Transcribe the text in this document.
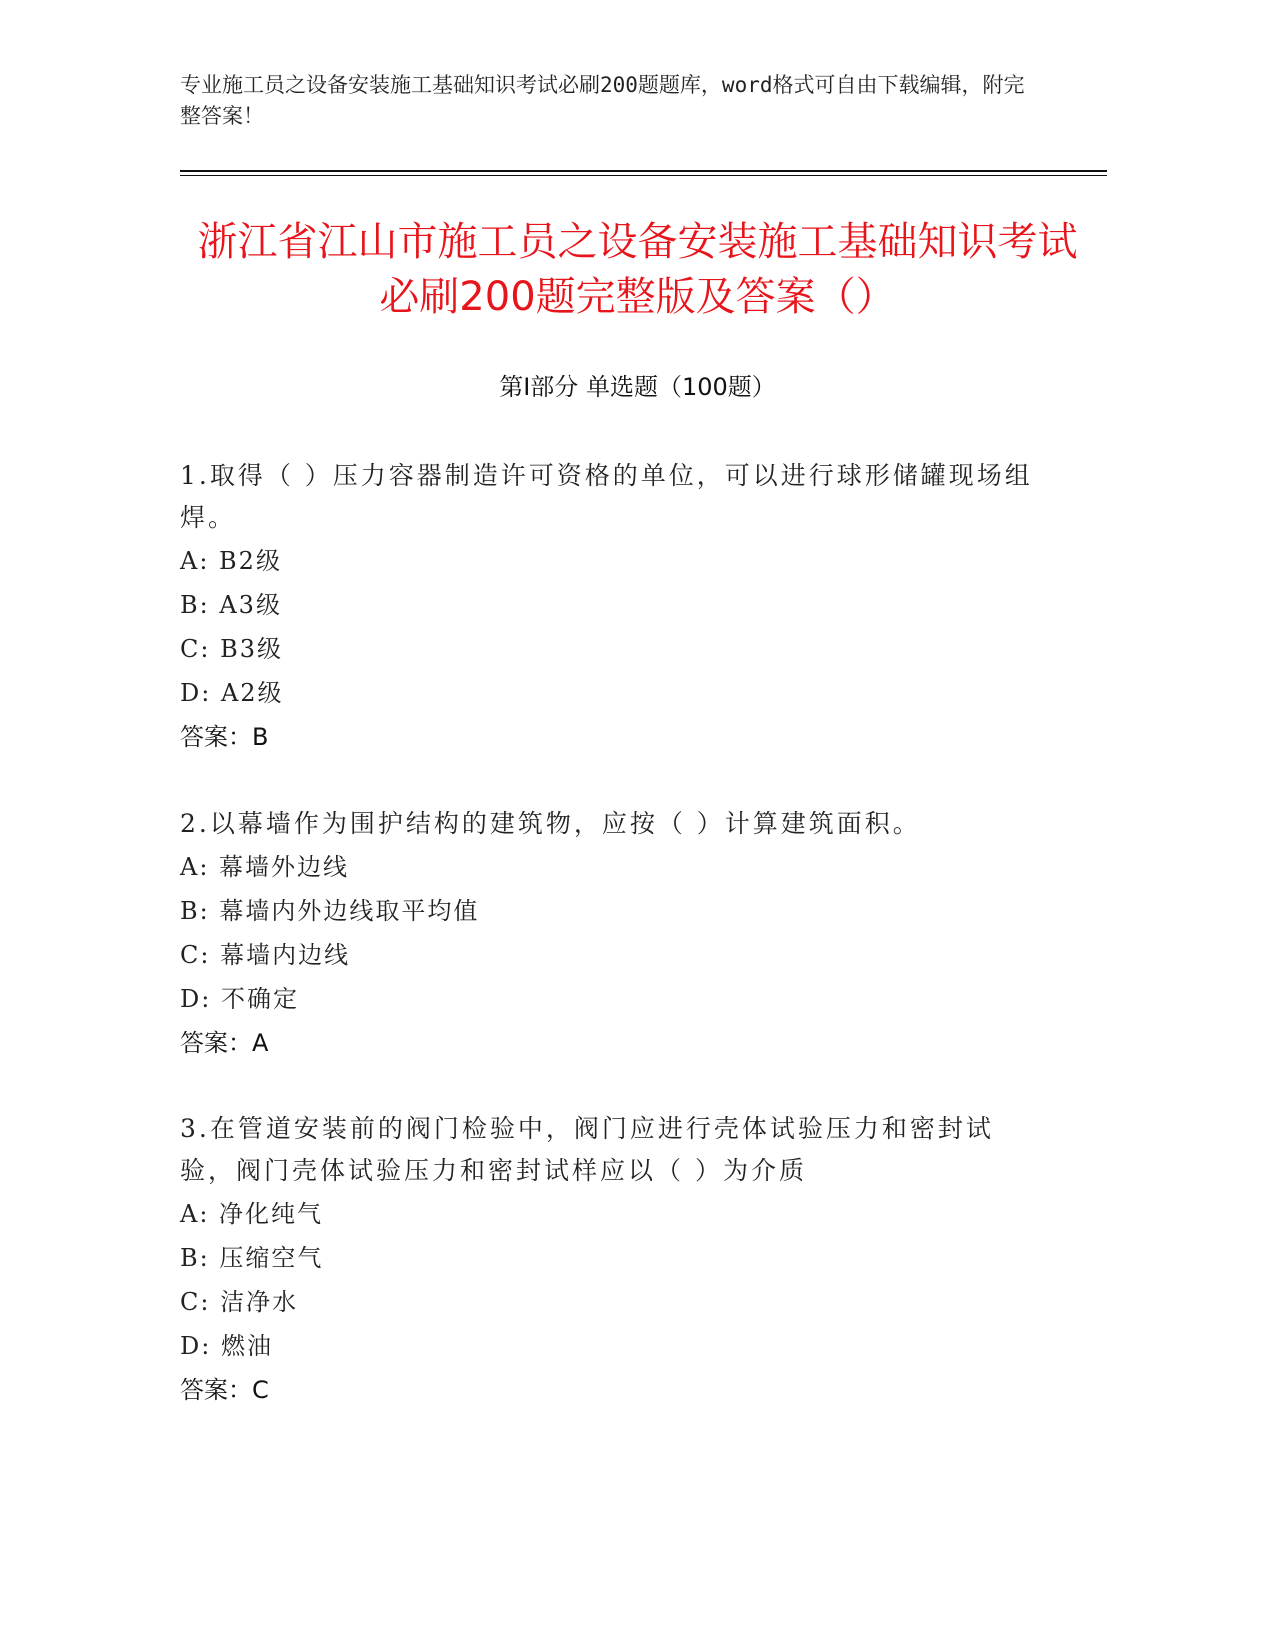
专业施工员之设备安装施工基础知识考试必刷200题题库，word格式可自由下载编辑，附完整答案！
浙江省江山市施工员之设备安装施工基础知识考试必刷200题完整版及答案（）
第Ⅰ部分 单选题（100题）

1.取得（ ）压力容器制造许可资格的单位，可以进行球形储罐现场组焊。

A: B2级

B: A3级

C: B3级

D: A2级

答案：B

2.以幕墙作为围护结构的建筑物，应按（ ）计算建筑面积。

A: 幕墙外边线

B: 幕墙内外边线取平均值

C: 幕墙内边线

D: 不确定

答案：A

3.在管道安装前的阀门检验中，阀门应进行壳体试验压力和密封试验，阀门壳体试验压力和密封试样应以（ ）为介质

A: 净化纯气

B: 压缩空气

C: 洁净水

D: 燃油

答案：C
